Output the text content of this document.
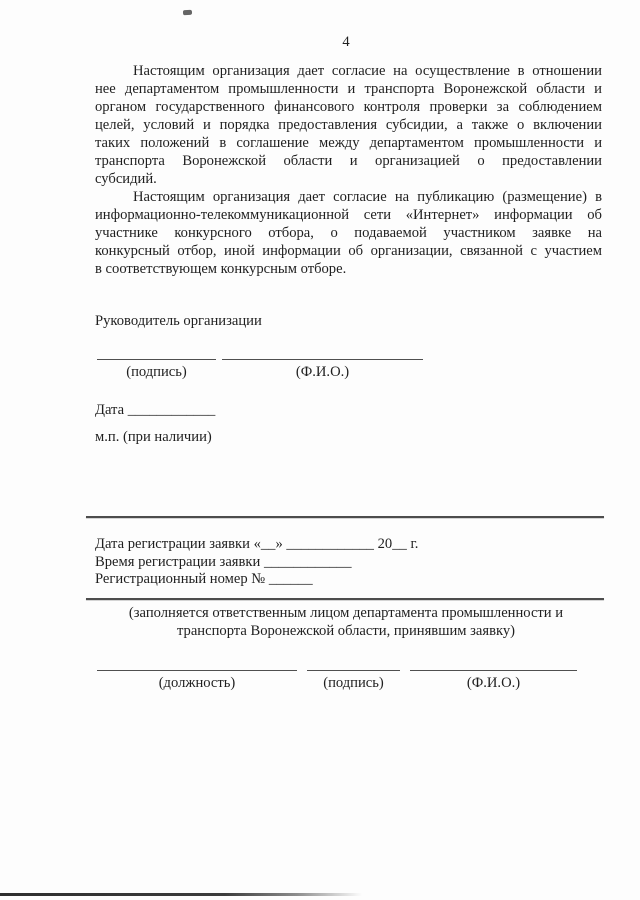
4
Настоящим организация дает согласие на осуществление в отношении
нее департаментом промышленности и транспорта Воронежской области и
органом государственного финансового контроля проверки за соблюдением
целей, условий и порядка предоставления субсидии, а также о включении
таких положений в соглашение между департаментом промышленности и
транспорта Воронежской области и организацией о предоставлении
субсидий.
Настоящим организация дает согласие на публикацию (размещение) в
информационно-телекоммуникационной сети «Интернет» информации об
участнике конкурсного отбора, о подаваемой участником заявке на
конкурсный отбор, иной информации об организации, связанной с участием
в соответствующем конкурсным отборе.
Руководитель организации
(подпись)	(Ф.И.О.)
Дата ____________
м.п. (при наличии)
Дата регистрации заявки «__» ____________ 20__ г.
Время регистрации заявки ____________
Регистрационный номер № ______
(заполняется ответственным лицом департамента промышленности и
транспорта Воронежской области, принявшим заявку)
(должность)	(подпись)	(Ф.И.О.)
